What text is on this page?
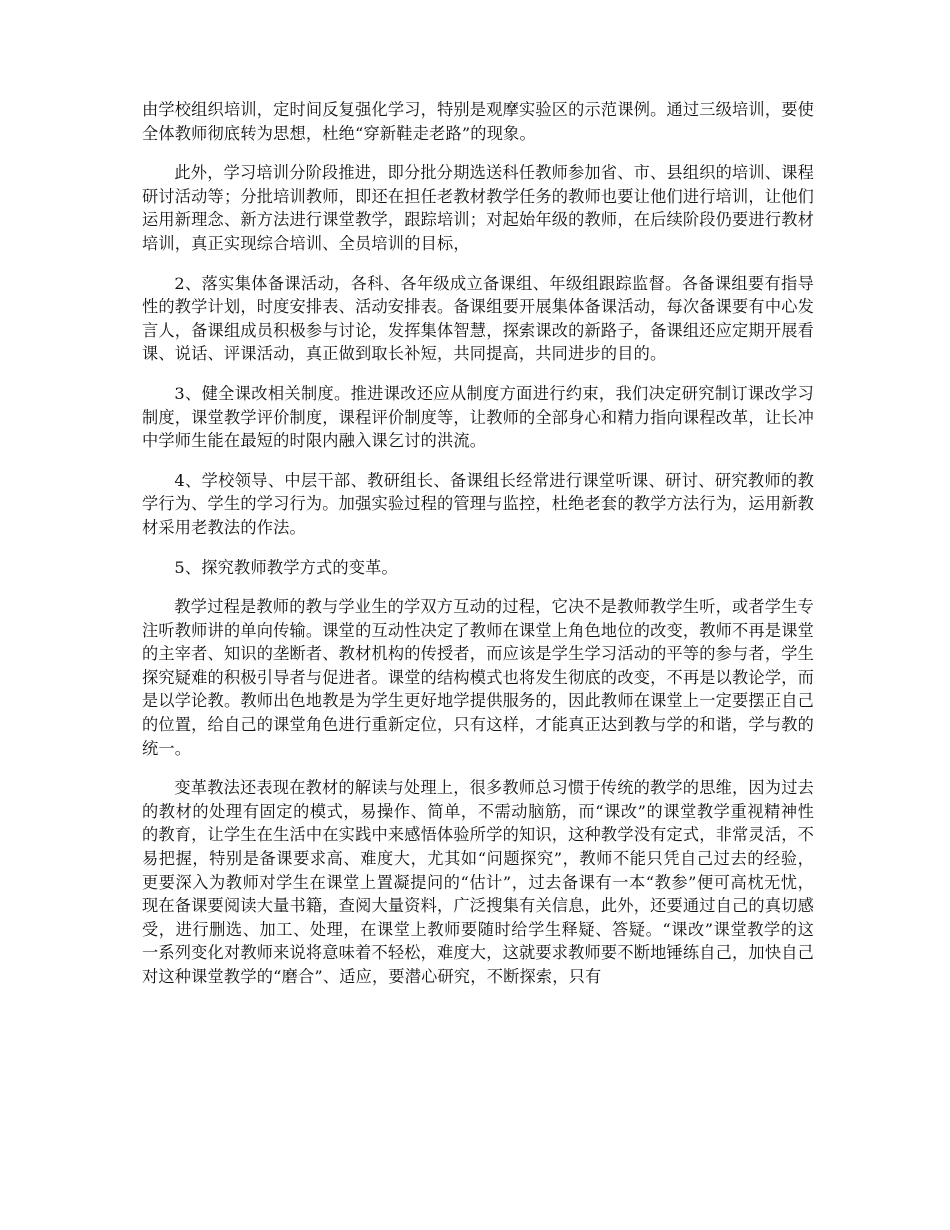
由学校组织培训，定时间反复强化学习，特别是观摩实验区的示范课例。通过三级培训，要使全体教师彻底转为思想，杜绝“穿新鞋走老路”的现象。

此外，学习培训分阶段推进，即分批分期选送科任教师参加省、市、县组织的培训、课程研讨活动等；分批培训教师，即还在担任老教材教学任务的教师也要让他们进行培训，让他们运用新理念、新方法进行课堂教学，跟踪培训；对起始年级的教师，在后续阶段仍要进行教材培训，真正实现综合培训、全员培训的目标，

2、落实集体备课活动，各科、各年级成立备课组、年级组跟踪监督。各备课组要有指导性的教学计划，时度安排表、活动安排表。备课组要开展集体备课活动，每次备课要有中心发言人，备课组成员积极参与讨论，发挥集体智慧，探索课改的新路子，备课组还应定期开展看课、说话、评课活动，真正做到取长补短，共同提高，共同进步的目的。

3、健全课改相关制度。推进课改还应从制度方面进行约束，我们决定研究制订课改学习制度，课堂教学评价制度，课程评价制度等，让教师的全部身心和精力指向课程改革，让长冲中学师生能在最短的时限内融入课乞讨的洪流。

4、学校领导、中层干部、教研组长、备课组长经常进行课堂听课、研讨、研究教师的教学行为、学生的学习行为。加强实验过程的管理与监控，杜绝老套的教学方法行为，运用新教材采用老教法的作法。

5、探究教师教学方式的变革。

教学过程是教师的教与学业生的学双方互动的过程，它决不是教师教学生听，或者学生专注听教师讲的单向传输。课堂的互动性决定了教师在课堂上角色地位的改变，教师不再是课堂的主宰者、知识的垄断者、教材机构的传授者，而应该是学生学习活动的平等的参与者，学生探究疑难的积极引导者与促进者。课堂的结构模式也将发生彻底的改变，不再是以教论学，而是以学论教。教师出色地教是为学生更好地学提供服务的，因此教师在课堂上一定要摆正自己的位置，给自己的课堂角色进行重新定位，只有这样，才能真正达到教与学的和谐，学与教的统一。

变革教法还表现在教材的解读与处理上，很多教师总习惯于传统的教学的思维，因为过去的教材的处理有固定的模式，易操作、简单，不需动脑筋，而“课改”的课堂教学重视精神性的教育，让学生在生活中在实践中来感悟体验所学的知识，这种教学没有定式，非常灵活，不易把握，特别是备课要求高、难度大，尤其如“问题探究”，教师不能只凭自己过去的经验，更要深入为教师对学生在课堂上置凝提问的“估计”，过去备课有一本“教参”便可高枕无忧，现在备课要阅读大量书籍，查阅大量资料，广泛搜集有关信息，此外，还要通过自己的真切感受，进行删选、加工、处理，在课堂上教师要随时给学生释疑、答疑。“课改”课堂教学的这一系列变化对教师来说将意味着不轻松，难度大，这就要求教师要不断地锤练自己，加快自己对这种课堂教学的“磨合”、适应，要潜心研究，不断探索，只有
